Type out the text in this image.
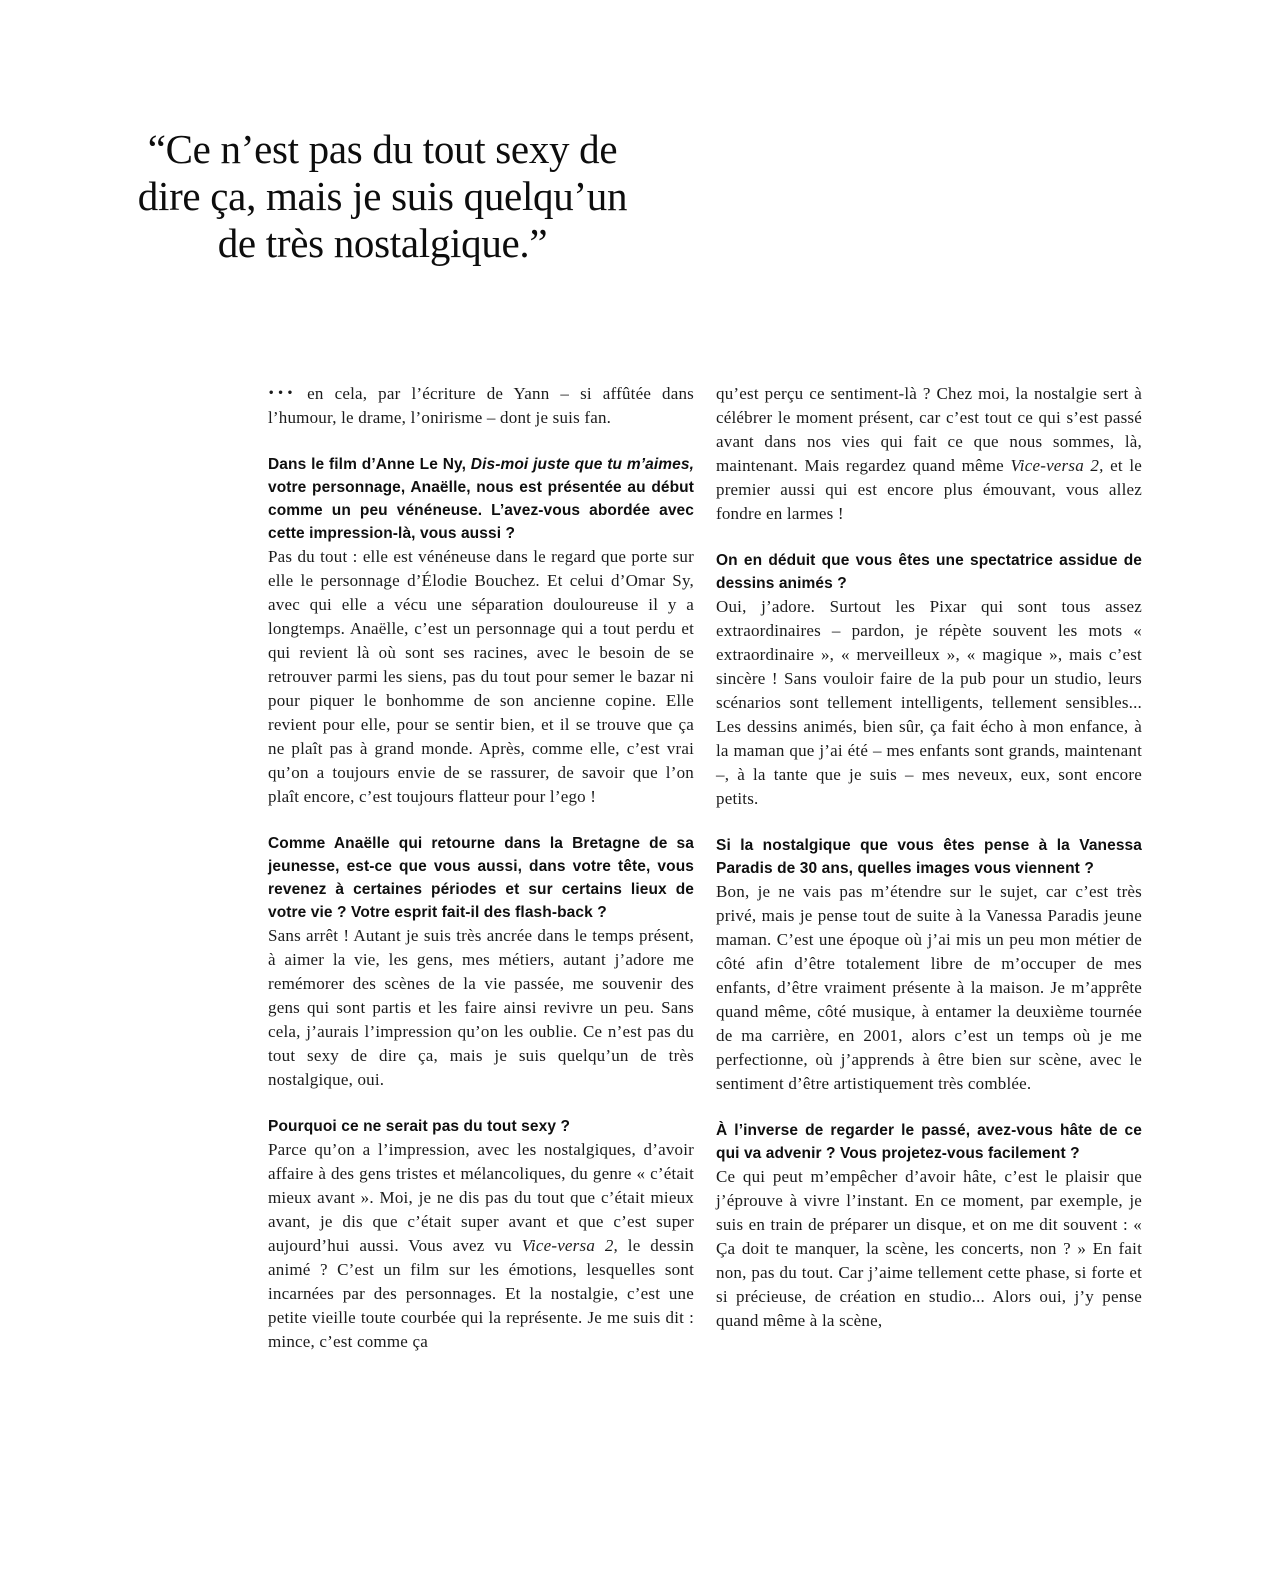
“Ce n’est pas du tout sexy de
dire ça, mais je suis quelqu’un
de très nostalgique.”

••• en cela, par l’écriture de Yann – si affûtée dans l’humour, le drame, l’onirisme – dont je suis fan.

Dans le film d’Anne Le Ny, Dis-moi juste que tu m’aimes, votre personnage, Anaëlle, nous est présentée au début comme un peu vénéneuse. L’avez-vous abordée avec cette impression-là, vous aussi ?

Pas du tout : elle est vénéneuse dans le regard que porte sur elle le personnage d’Élodie Bouchez. Et celui d’Omar Sy, avec qui elle a vécu une séparation douloureuse il y a longtemps. Anaëlle, c’est un personnage qui a tout perdu et qui revient là où sont ses racines, avec le besoin de se retrouver parmi les siens, pas du tout pour semer le bazar ni pour piquer le bonhomme de son ancienne copine. Elle revient pour elle, pour se sentir bien, et il se trouve que ça ne plaît pas à grand monde. Après, comme elle, c’est vrai qu’on a toujours envie de se rassurer, de savoir que l’on plaît encore, c’est toujours flatteur pour l’ego !

Comme Anaëlle qui retourne dans la Bretagne de sa jeunesse, est-ce que vous aussi, dans votre tête, vous revenez à certaines périodes et sur certains lieux de votre vie ? Votre esprit fait-il des flash-back ?

Sans arrêt ! Autant je suis très ancrée dans le temps présent, à aimer la vie, les gens, mes métiers, autant j’adore me remémorer des scènes de la vie passée, me souvenir des gens qui sont partis et les faire ainsi revivre un peu. Sans cela, j’aurais l’impression qu’on les oublie. Ce n’est pas du tout sexy de dire ça, mais je suis quelqu’un de très nostalgique, oui.

Pourquoi ce ne serait pas du tout sexy ?

Parce qu’on a l’impression, avec les nostalgiques, d’avoir affaire à des gens tristes et mélancoliques, du genre « c’était mieux avant ». Moi, je ne dis pas du tout que c’était mieux avant, je dis que c’était super avant et que c’est super aujourd’hui aussi. Vous avez vu Vice-versa 2, le dessin animé ? C’est un film sur les émotions, lesquelles sont incarnées par des personnages. Et la nostalgie, c’est une petite vieille toute courbée qui la représente. Je me suis dit : mince, c’est comme ça

qu’est perçu ce sentiment-là ? Chez moi, la nostalgie sert à célébrer le moment présent, car c’est tout ce qui s’est passé avant dans nos vies qui fait ce que nous sommes, là, maintenant. Mais regardez quand même Vice-versa 2, et le premier aussi qui est encore plus émouvant, vous allez fondre en larmes !

On en déduit que vous êtes une spectatrice assidue de dessins animés ?

Oui, j’adore. Surtout les Pixar qui sont tous assez extraordinaires – pardon, je répète souvent les mots « extraordinaire », « merveilleux », « magique », mais c’est sincère ! Sans vouloir faire de la pub pour un studio, leurs scénarios sont tellement intelligents, tellement sensibles... Les dessins animés, bien sûr, ça fait écho à mon enfance, à la maman que j’ai été – mes enfants sont grands, maintenant –, à la tante que je suis – mes neveux, eux, sont encore petits.

Si la nostalgique que vous êtes pense à la Vanessa Paradis de 30 ans, quelles images vous viennent ?

Bon, je ne vais pas m’étendre sur le sujet, car c’est très privé, mais je pense tout de suite à la Vanessa Paradis jeune maman. C’est une époque où j’ai mis un peu mon métier de côté afin d’être totalement libre de m’occuper de mes enfants, d’être vraiment présente à la maison. Je m’apprête quand même, côté musique, à entamer la deuxième tournée de ma carrière, en 2001, alors c’est un temps où je me perfectionne, où j’apprends à être bien sur scène, avec le sentiment d’être artistiquement très comblée.

À l’inverse de regarder le passé, avez-vous hâte de ce qui va advenir ? Vous projetez-vous facilement ?

Ce qui peut m’empêcher d’avoir hâte, c’est le plaisir que j’éprouve à vivre l’instant. En ce moment, par exemple, je suis en train de préparer un disque, et on me dit souvent : « Ça doit te manquer, la scène, les concerts, non ? » En fait non, pas du tout. Car j’aime tellement cette phase, si forte et si précieuse, de création en studio... Alors oui, j’y pense quand même à la scène,
